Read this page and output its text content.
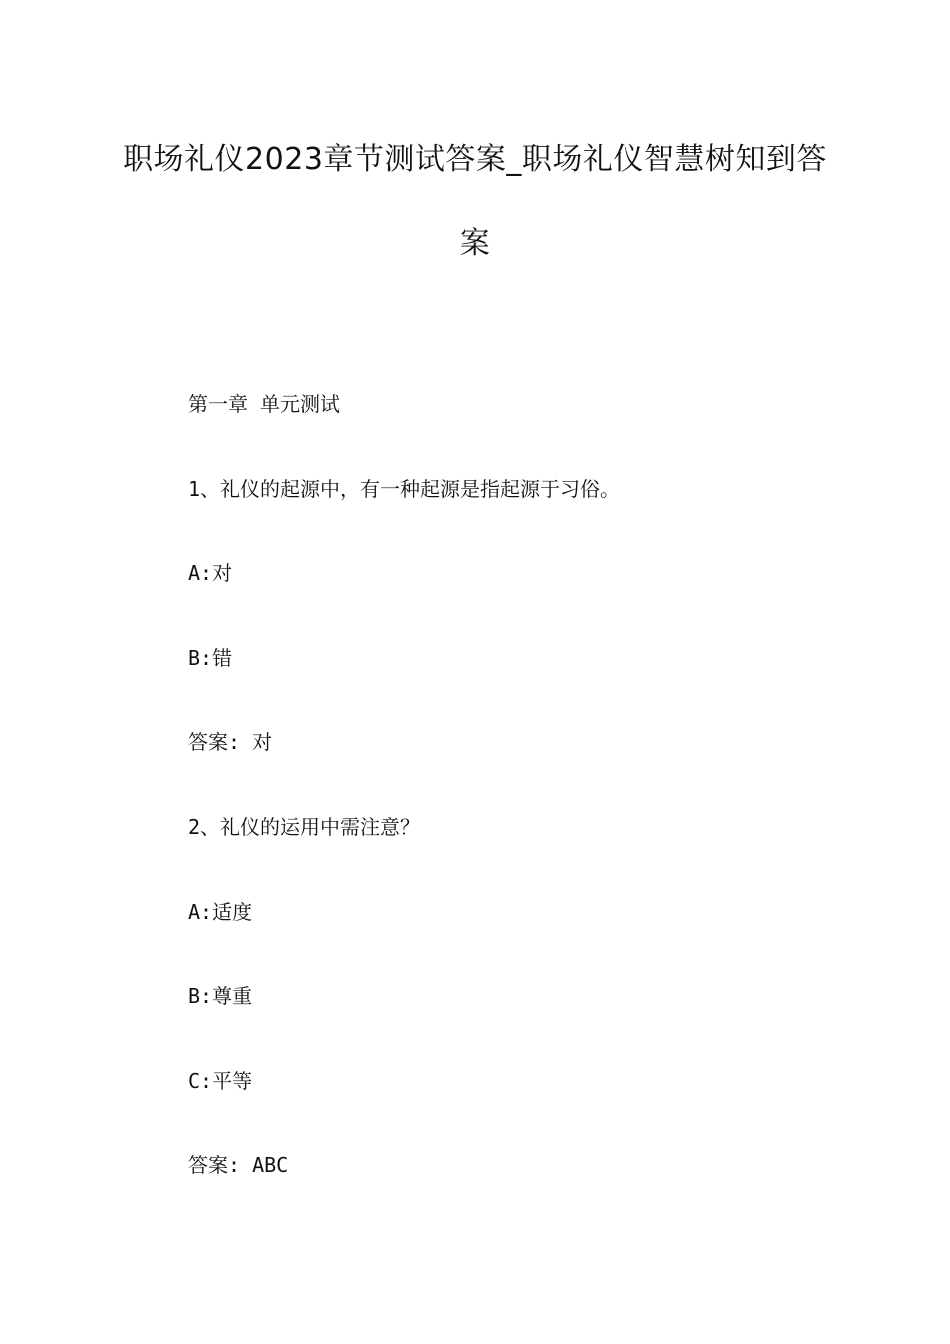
职场礼仪2023章节测试答案_职场礼仪智慧树知到答案
第一章 单元测试
1、礼仪的起源中，有一种起源是指起源于习俗。
A:对
B:错
答案: 对
2、礼仪的运用中需注意？
A:适度
B:尊重
C:平等
答案: ABC
